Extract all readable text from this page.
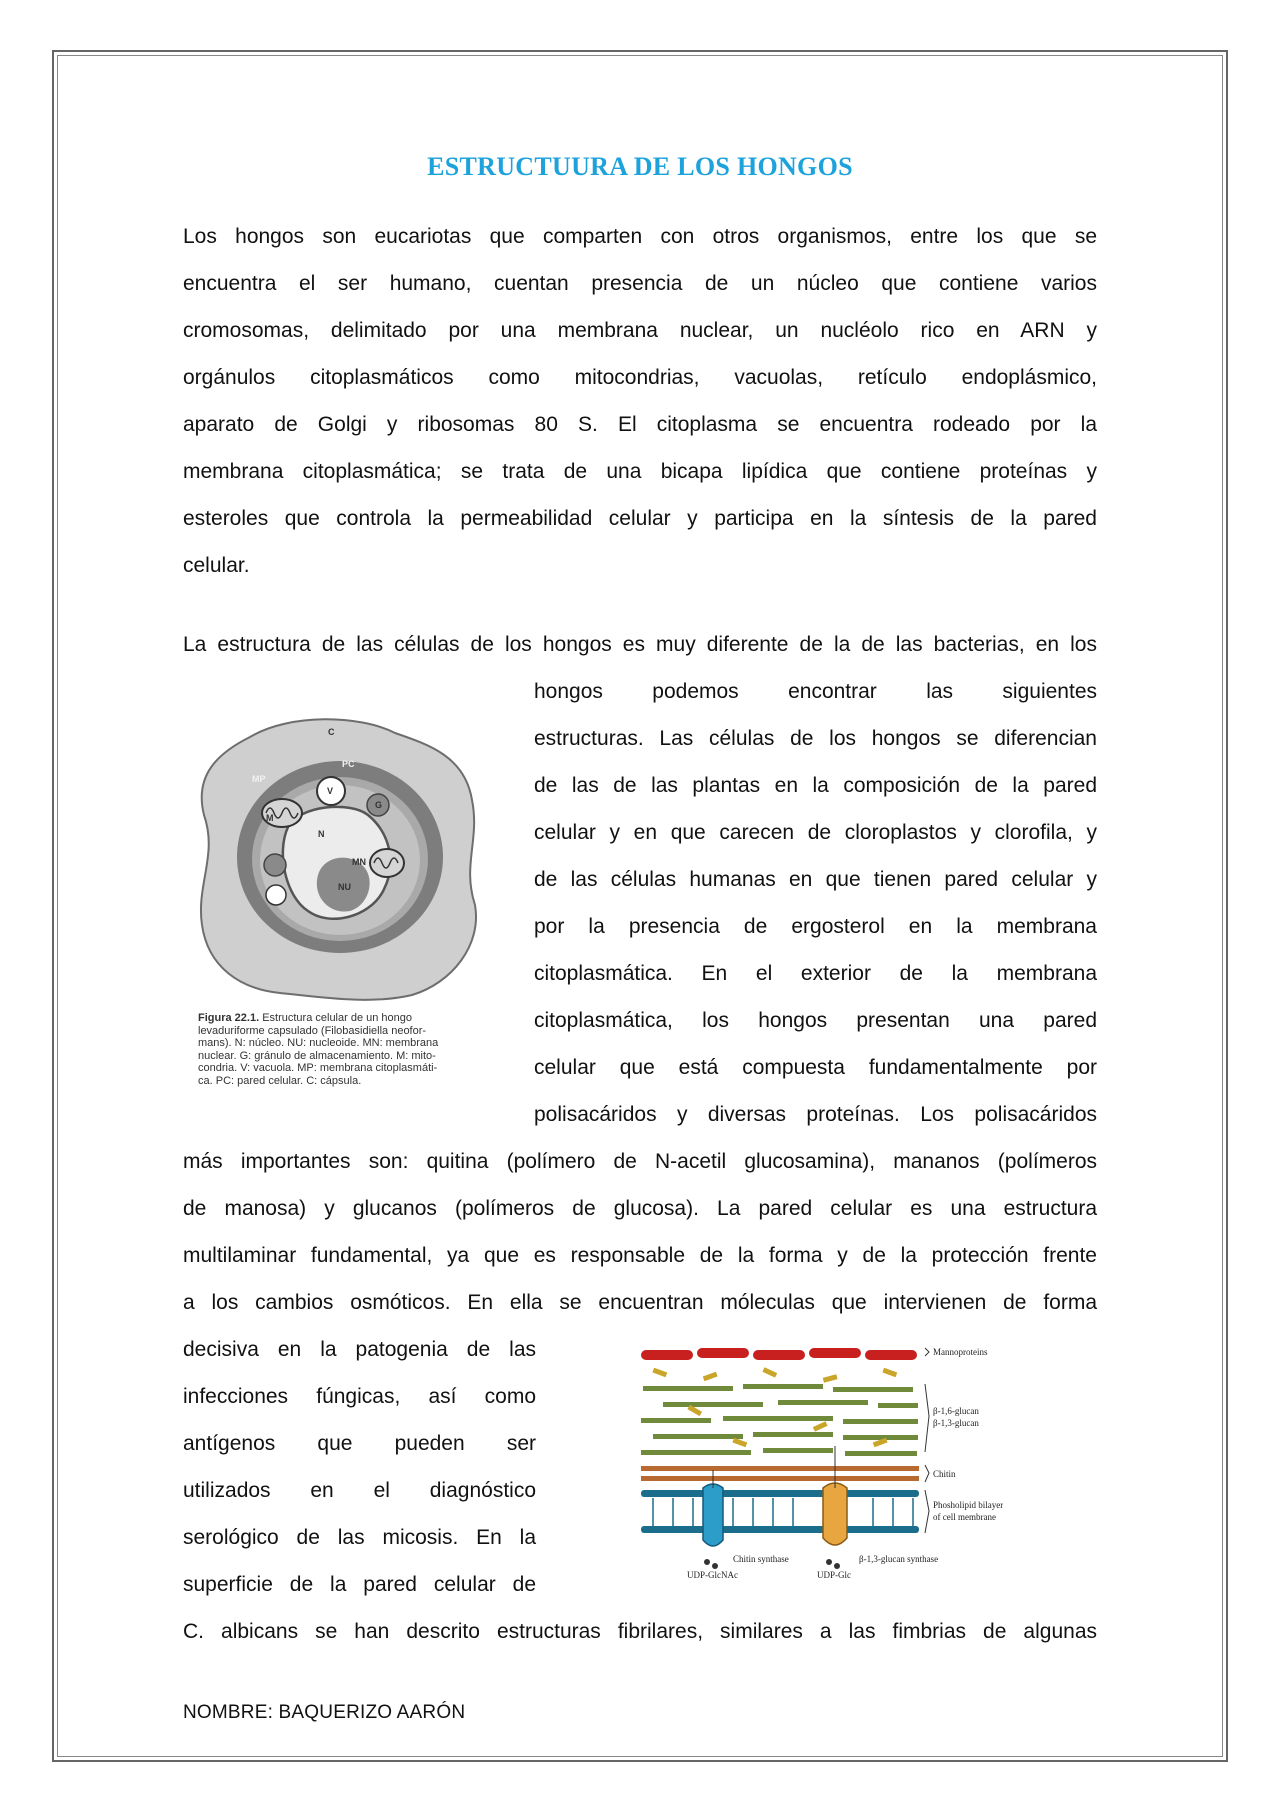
ESTRUCTUURA DE LOS HONGOS
Los hongos son eucariotas que comparten con otros organismos, entre los que se
encuentra el ser humano, cuentan presencia de un núcleo que contiene varios
cromosomas, delimitado por una membrana nuclear, un nucléolo rico en ARN y
orgánulos citoplasmáticos como mitocondrias, vacuolas, retículo endoplásmico,
aparato de Golgi y ribosomas 80 S. El citoplasma se encuentra rodeado por la
membrana citoplasmática; se trata de una bicapa lipídica que contiene proteínas y
esteroles que controla la permeabilidad celular y participa en la síntesis de la pared
celular.
La estructura de las células de los hongos es muy diferente de la de las bacterias, en los
hongos podemos encontrar las siguientes
estructuras. Las células de los hongos se diferencian
de las de las plantas en la composición de la pared
celular y en que carecen de cloroplastos y clorofila, y
de las células humanas en que tienen pared celular y
por la presencia de ergosterol en la membrana
citoplasmática. En el exterior de la membrana
citoplasmática, los hongos presentan una pared
celular que está compuesta fundamentalmente por
polisacáridos y diversas proteínas. Los polisacáridos
más importantes son: quitina (polímero de N-acetil glucosamina), mananos (polímeros
de manosa) y glucanos (polímeros de glucosa). La pared celular es una estructura
multilaminar fundamental, ya que es responsable de la forma y de la protección frente
a los cambios osmóticos. En ella se encuentran móleculas que intervienen de forma
decisiva en la patogenia de las
infecciones fúngicas, así como
antígenos que pueden ser
utilizados en el diagnóstico
serológico de las micosis. En la
superficie de la pared celular de
C. albicans se han descrito estructuras fibrilares, similares a las fimbrias de algunas
C
PC
MP
V
G
M
N
MN
NU
Figura 22.1. Estructura celular de un hongo
levaduriforme capsulado (Filobasidiella neofor-
mans). N: núcleo. NU: nucleoide. MN: membrana
nuclear. G: gránulo de almacenamiento. M: mito-
condria. V: vacuola. MP: membrana citoplasmáti-
ca. PC: pared celular. C: cápsula.
Mannoproteins
β-1,6-glucan
β-1,3-glucan
Chitin
Phosholipid bilayer
of cell membrane
Chitin synthase	β-1,3-glucan synthase
UDP-GlcNAc	UDP-Glc
NOMBRE: BAQUERIZO AARÓN
